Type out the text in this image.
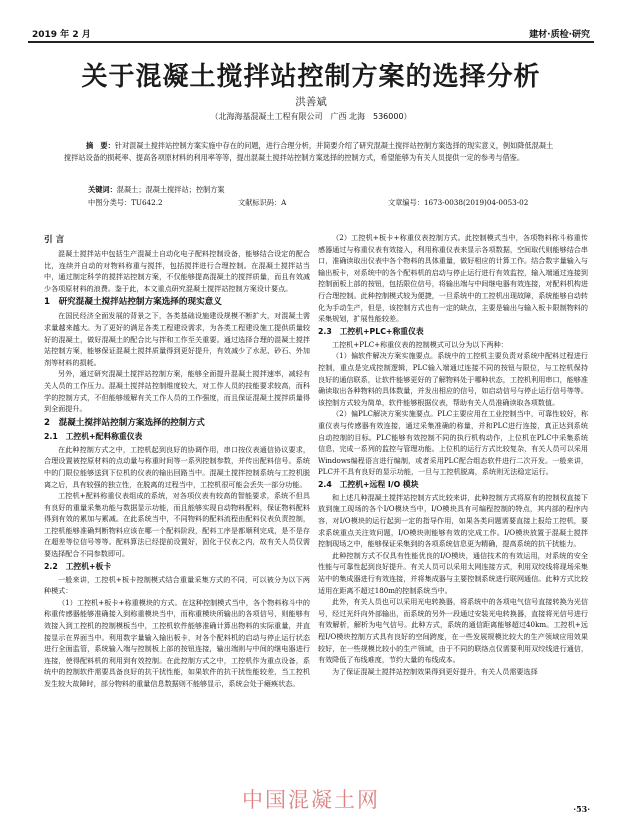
2019 年 2 月	建材·质检·研究
关于混凝土搅拌站控制方案的选择分析
洪善斌
（北海海基混凝土工程有限公司　广西 北海　536000）
摘　要：针对混凝土搅拌站控制方案实施中存在的问题，进行合理分析，并简要介绍了研究混凝土搅拌站控制方案选择的现实意义，例如降低混凝土搅拌站设备的损耗率、提高各项原材料的利用率等等，提出混凝土搅拌站控制方案选择的控制方式，希望能够为有关人员提供一定的参考与借鉴。
关键词：混凝土；混凝土搅拌站；控制方案
中图分类号：TU642.2	文献标识码：A	文章编号：1673-0038(2019)04-0053-02
引 言

混凝土搅拌站中包括生产混凝土自动化电子配料控制设备，能够结合设定的配合比，连续并自动的对物料称重与搅拌，包括搅拌进行合理控制。在混凝土搅拌站当中，通过制定科学的搅拌站控制方案，不仅能够提高混凝土的搅拌质量，而且有效减少各项原材料的浪费。鉴于此，本文重点研究混凝土搅拌站控制方案设计要点。

1　研究混凝土搅拌站控制方案选择的现实意义

在国民经济全面发展的背景之下，各类基础设施建设规模不断扩大，对混凝土需求量越来越大。为了更好的满足各类工程建设需求，为各类工程建设施工提供质量较好的混凝土，做好混凝土的配合比与拌和工作至关重要。通过选择合理的混凝土搅拌站控制方案，能够保证混凝土搅拌质量得到更好提升，有效减少了水泥、砂石、外加剂等材料的损耗。

另外，通过研究混凝土搅拌站控制方案，能够全面提升混凝土搅拌速率，减轻有关人员的工作压力。混凝土搅拌站控制维度较大，对工作人员的技能要求较高，而科学的控制方式，不但能够缓解有关工作人员的工作强度，而且保证混凝土搅拌质量得到全面提升。

2　混凝土搅拌站控制方案选择的控制方式
2.1　工控机+配料称重仪表

在此种控制方式之中，工控机起到良好的协调作用，串口按仪表通信协议要求，合理设置被控原材料的点动量与称重时间等一系列控制参数，并传出配料信号。系统中的门限位能够送到下位机的仪表的输出回路当中。混凝土搅拌控制系统与工控机脱离之后，具有较强的独立性，在脱离的过程当中，工控机很可能会丢失一部分功能。

工控机+配料称重仪表组成的系统，对各项仪表有较高的智能要求，系统不但具有良好的重量采集功能与数据显示功能，而且能够实现自动物料配料，保证物料配料得到有效的累加与累减。在此系统当中，不同物料的配料流程由配料仪表负责控制，工控机能够准确判断物料应该在哪一个配料阶段，配料工序是都顺利完成，是不是存在超差等位信号等等。配料算法已经提前设置好，固化于仪表之内，故有关人员仅需要选择配合不同参数即可。

2.2　工控机+板卡

一般来讲，工控机+板卡控制模式结合重量采集方式的不同，可以被分为以下两种模式：

（1）工控机+板卡+称重模块的方式。在这种控制模式当中，各个物料称斗中的称重传感器能够准确接入到称重模块当中，而称重模块所输出的各项信号，则能够有效接入到工控机的控制模板当中，工控机软件能够准确计算出物料的实际重量，并直接显示在界面当中。利用数字量输入输出板卡，对各个配料机的启动与停止运行状态进行全面监管，系统输入端与控制板上部的按钮连接，输出端则与中间的继电器进行连接，使得配料机的利用到有效控制。在此控制方式之中，工控机作为重点设备，系统中的控制软件需要具备良好的抗干扰性能，如果软件的抗干扰性能较差，当工控机发生较大故障时，部分物料的重量信息数据则不能够显示，系统会处于瘫痪状态。

（2）工控机+板卡+称重仪表控制方式。此控制模式当中，各项物料称斗称重传感器通过与称重仪表有效接入，利用称重仪表来显示各项数据，空间取代则能够结合串口，准确读取出仪表中各个物料的具体重量，做好相应的计算工作。结合数字量输入与输出板卡，对系统中的各个配料机的启动与停止运行进行有效监控，输入端通过连接到控制面板上部的按钮，包括限位信号，将输出端与中间继电器有效连接，对配料机构进行合理控制。此种控制模式较为便捷，一旦系统中的工控机出现故障，系统能够自动转化为手动生产，但是，该控制方式也有一定的缺点，主要是输出与输入板卡限制物料的采集规划，扩展性能较差。

2.3　工控机+PLC+称重仪表

工控机+PLC+称重仪表的控制模式可以分为以下两种：

（1）偏软件解决方案实施要点。系统中的工控机主要负责对系统中配料过程进行控制，重点是完成控制逻辑，PLC输入端通过连接不同的按钮与限位，与工控机保持良好的通信联系，让软件能够更好的了解物料处于哪种状态，工控机利用串口，能够准确读取出各种物料的具体数量，并发出相应的信号，如启动信号与停止运行信号等等。该控制方式较为简单，软件能够根据仪表，帮助有关人员准确读取各项数值。

（2）偏PLC解决方案实施要点。PLC主要应用在工业控制当中，可靠性较好，称重仪表与传感器有效连接，通过采集准确的称量，并和PLC进行连接，真正达到系统自动控制的目标。PLC能够有效控制不同的执行机构动作，上位机在PLC中采集系统信息，完成一系列的监控与管理功能。上位机的运行方式比较复杂，有关人员可以采用Windows编程语言进行编制，或者采用PLC配合组态软件进行二次开发。一般来讲，PLC并不具有良好的显示功能，一旦与工控机脱离，系统则无法稳定运行。

2.4　工控机+远程 I/O 模块

和上述几种混凝土搅拌站控制方式比较来讲，此种控制方式将原有的控制权直接下放到施工现场的各个I/O模块当中，I/O模块具有可编程控制的特点，其内部的程序内容，对I/O模块的运行起到一定的指导作用，如果各类问题需要直接上报给工控机，要求系统重点关注效问题，I/O模块则能够有效的完成工作。I/O模块放置于混凝土搅拌控制现场之中，能够保证采集到的各项系统信息更为精确，提高系统的抗干扰能力。

此种控制方式不仅具有性能优良的I/O模块，通信技术的有效运用，对系统的安全性能与可靠性起到良好提升。有关人员可以采用太网连接方式，利用双绞线将现场采集站中的集成器进行有效连接，并将集成器与主要控制系统进行联网通信。此种方式比较适用在距离不超过180m的控制系统当中。

此外，有关人员也可以采用光电转换器，将系统中的各项电气信号直接转换为光信号，经过光纤向外部输出，而系统的另外一段通过安装光电转换器，直接将光信号进行有效解析，解析为电气信号。此种方式，系统的通信距离能够超过40km。工控机+远程I/O模块控制方式具有良好的空间跨度，在一些发展规模比较大的生产领域应用效果较好，在一些规模比较小的生产领域，由于不同的联络点仅需要利用双绞线进行通信，有效降低了布线难度，节约大量的布线成本。

为了保证混凝土搅拌站控制效果得到更好提升，有关人员需要选择

中国混凝土网	·53·
